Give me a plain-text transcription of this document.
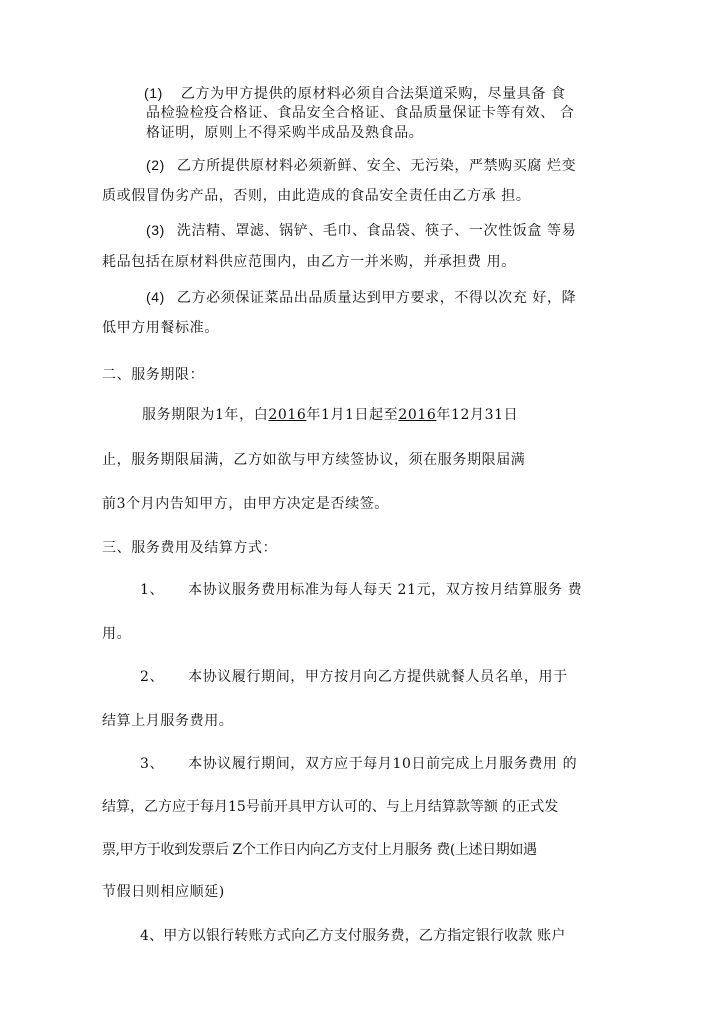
(1) 乙方为甲方提供的原材料必须自合法渠道采购，尽量具备 食
品检验检疫合格证、食品安全合格证、食品质量保证卡等有效、 合
格证明，原则上不得采购半成品及熟食品。
(2) 乙方所提供原材料必须新鲜、安全、无污染，严禁购买腐 烂变
质或假冒伪劣产品，否则，由此造成的食品安全责任由乙方承 担。
(3) 洗洁精、罩滤、锅铲、毛巾、食品袋、筷子、一次性饭盒 等易
耗品包括在原材料供应范围内，由乙方一并米购，并承担费 用。
(4) 乙方必须保证菜品出品质量达到甲方要求，不得以次充 好，降
低甲方用餐标准。
二、服务期限：
服务期限为1年，白2016年1月1日起至2016年12月31日
止，服务期限届满，乙方如欲与甲方续签协议，须在服务期限届满
前3个月内告知甲方，由甲方决定是否续签。
三、服务费用及结算方式：
1、 本协议服务费用标准为每人每天 21元，双方按月结算服务 费
用。
2、 本协议履行期间，甲方按月向乙方提供就餐人员名单，用于
结算上月服务费用。
3、 本协议履行期间，双方应于每月10日前完成上月服务费用 的
结算，乙方应于每月15号前开具甲方认可的、与上月结算款等额 的正式发
票,甲方于收到发票后 Z个工作日内向乙方支付上月服务 费(上述日期如遇
节假日则相应顺延)
4、甲方以银行转账方式向乙方支付服务费，乙方指定银行收款 账户
